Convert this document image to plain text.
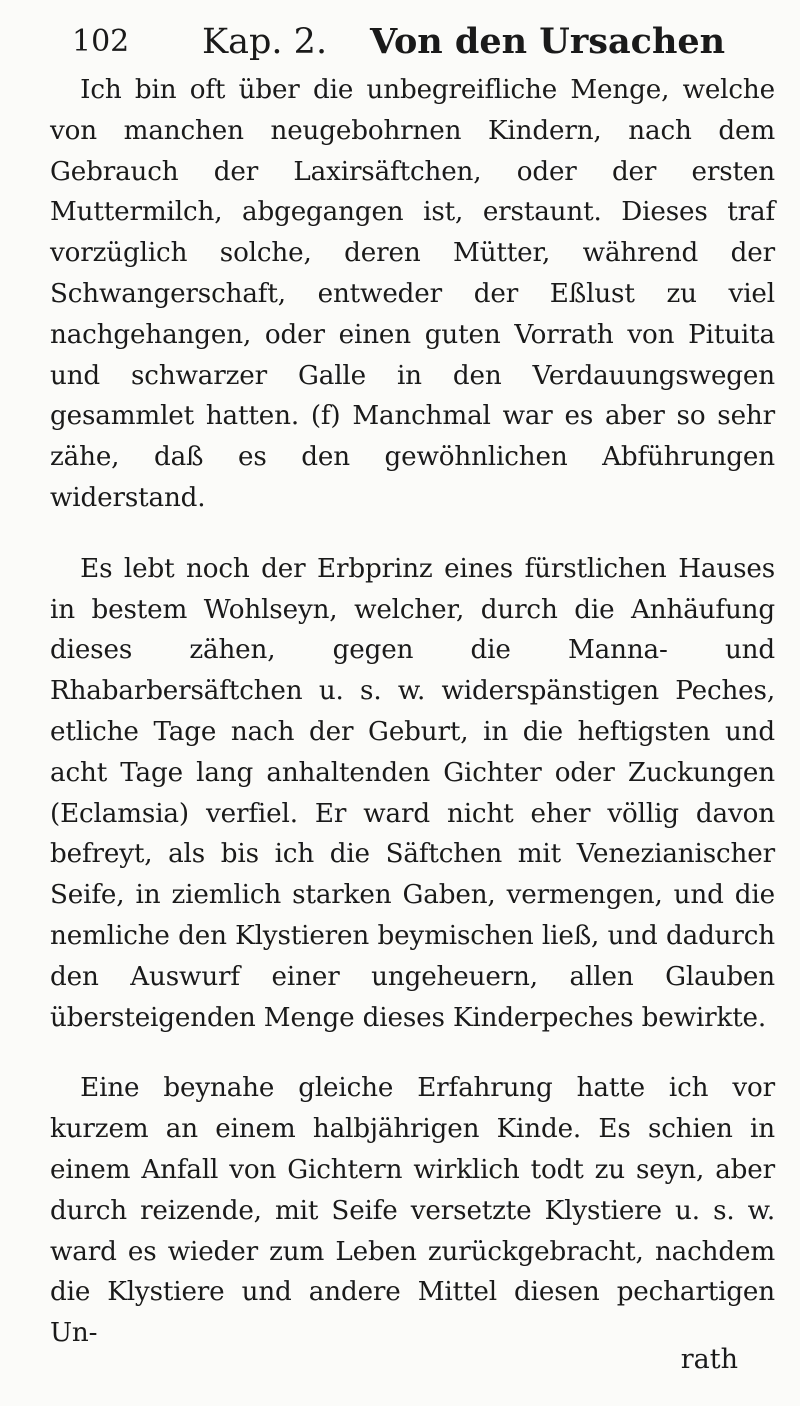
102 Kap. 2. Von den Ursachen

Ich bin oft über die unbegreifliche Menge, welche von manchen neugebohrnen Kindern, nach dem Gebrauch der Laxirsäftchen, oder der ersten Muttermilch, abgegangen ist, erstaunt. Dieses traf vorzüglich solche, deren Mütter, während der Schwangerschaft, entweder der Eßlust zu viel nachgehangen, oder einen guten Vorrath von Pituita und schwarzer Galle in den Verdauungswegen gesammlet hatten. (f) Manchmal war es aber so sehr zähe, daß es den gewöhnlichen Abführungen widerstand.

Es lebt noch der Erbprinz eines fürstlichen Hauses in bestem Wohlseyn, welcher, durch die Anhäufung dieses zähen, gegen die Manna- und Rhabarbersäftchen u. s. w. widerspänstigen Peches, etliche Tage nach der Geburt, in die heftigsten und acht Tage lang anhaltenden Gichter oder Zuckungen (Eclamsia) verfiel. Er ward nicht eher völlig davon befreyt, als bis ich die Säftchen mit Venezianischer Seife, in ziemlich starken Gaben, vermengen, und die nemliche den Klystieren beymischen ließ, und dadurch den Auswurf einer ungeheuern, allen Glauben übersteigenden Menge dieses Kinderpeches bewirkte.

Eine beynahe gleiche Erfahrung hatte ich vor kurzem an einem halbjährigen Kinde. Es schien in einem Anfall von Gichtern wirklich todt zu seyn, aber durch reizende, mit Seife versetzte Klystiere u. s. w. ward es wieder zum Leben zurückgebracht, nachdem die Klystiere und andere Mittel diesen pechartigen Un-

rath
